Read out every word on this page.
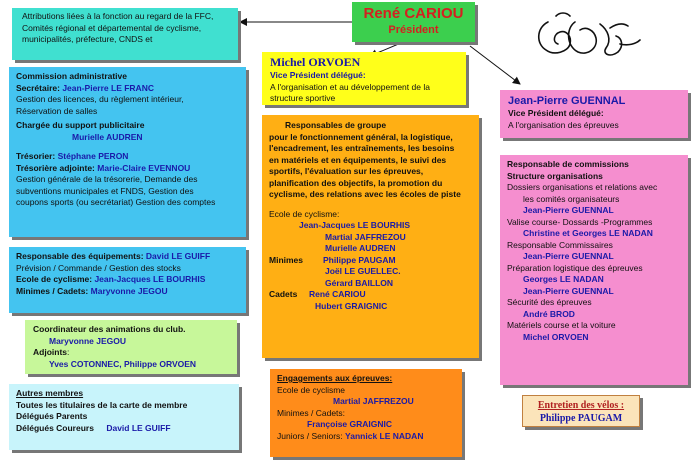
René CARIOU
Président
Attributions liées à la fonction au regard de la FFC,
Comités régional et départemental de cyclisme,
municipalités, préfecture, CNDS et
Michel ORVOEN
Vice Président délégué:
A l'organisation et au développement de la
structure sportive	Jean-Pierre GUENNAL
Vice Président délégué:
A l'organisation des épreuves
Commission administrative
Secrétaire: Jean-Pierre LE FRANC
Gestion des licences, du règlement intérieur,
Réservation de salles
Chargée du support publicitaire
Murielle AUDREN
Trésorier: Stéphane PERON
Trésorière adjointe: Marie-Claire EVENNOU
Gestion générale de la trésorerie, Demande des
subventions municipales et FNDS, Gestion des
coupons sports (ou secrétariat) Gestion des comptes
Responsable des équipements: David LE GUIFF
Prévision / Commande / Gestion des stocks
Ecole de cyclisme: Jean-Jacques LE BOURHIS
Minimes / Cadets: Maryvonne JEGOU
Coordinateur des animations du club.
Maryvonne JEGOU
Adjoints:
Yves COTONNEC, Philippe ORVOEN
Autres membres
Toutes les titulaires de la carte de membre
Délégués Parents
Délégués Coureurs David LE GUIFF
Responsables de groupe
pour le fonctionnement général, la logistique,
l'encadrement, les entraînements, les besoins
en matériels et en équipements, le suivi des
sportifs, l'évaluation sur les épreuves,
planification des objectifs, la promotion du
cyclisme, des relations avec les écoles de piste
Ecole de cyclisme:
Jean-Jacques LE BOURHIS
Martial JAFFREZOU
Murielle AUDREN
Minimes Philippe PAUGAM
Joël LE GUELLEC.
Gérard BAILLON
Cadets René CARIOU
Hubert GRAIGNIC
Engagements aux épreuves:
Ecole de cyclisme
Martial JAFFREZOU
Minimes / Cadets:
Françoise GRAIGNIC
Juniors / Seniors: Yannick LE NADAN
Responsable de commissions
Structure organisations
Dossiers organisations et relations avec
les comités organisateurs
Jean-Pierre GUENNAL
Valise course- Dossards -Programmes
Christine et Georges LE NADAN
Responsable Commissaires
Jean-Pierre GUENNAL
Préparation logistique des épreuves
Georges LE NADAN
Jean-Pierre GUENNAL
Sécurité des épreuves
André BROD
Matériels course et la voiture
Michel ORVOEN
Entretien des vélos :
Philippe PAUGAM
